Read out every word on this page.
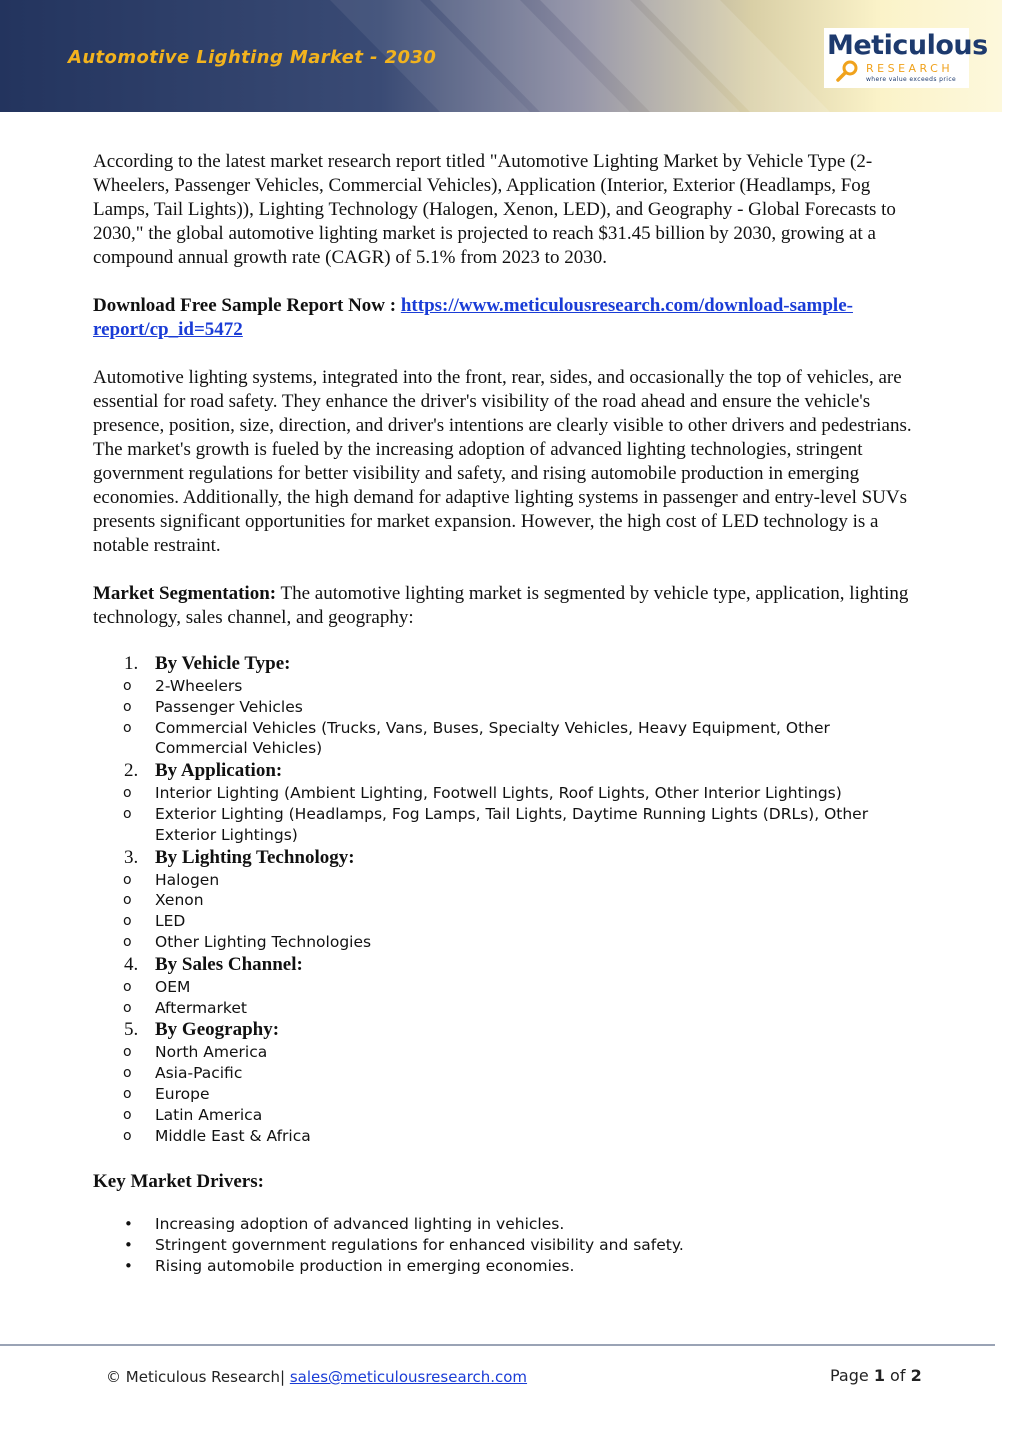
Automotive Lighting Market - 2030	Meticulous
RESEARCH
where value exceeds price

According to the latest market research report titled "Automotive Lighting Market by Vehicle Type (2-Wheelers, Passenger Vehicles, Commercial Vehicles), Application (Interior, Exterior (Headlamps, Fog Lamps, Tail Lights)), Lighting Technology (Halogen, Xenon, LED), and Geography - Global Forecasts to 2030," the global automotive lighting market is projected to reach $31.45 billion by 2030, growing at a compound annual growth rate (CAGR) of 5.1% from 2023 to 2030.

Download Free Sample Report Now : https://www.meticulousresearch.com/download-sample-report/cp_id=5472

Automotive lighting systems, integrated into the front, rear, sides, and occasionally the top of vehicles, are essential for road safety. They enhance the driver's visibility of the road ahead and ensure the vehicle's presence, position, size, direction, and driver's intentions are clearly visible to other drivers and pedestrians. The market's growth is fueled by the increasing adoption of advanced lighting technologies, stringent government regulations for better visibility and safety, and rising automobile production in emerging economies. Additionally, the high demand for adaptive lighting systems in passenger and entry-level SUVs presents significant opportunities for market expansion. However, the high cost of LED technology is a notable restraint.

Market Segmentation: The automotive lighting market is segmented by vehicle type, application, lighting technology, sales channel, and geography:

1. By Vehicle Type:
o 2-Wheelers
o Passenger Vehicles
o Commercial Vehicles (Trucks, Vans, Buses, Specialty Vehicles, Heavy Equipment, Other Commercial Vehicles)
2. By Application:
o Interior Lighting (Ambient Lighting, Footwell Lights, Roof Lights, Other Interior Lightings)
o Exterior Lighting (Headlamps, Fog Lamps, Tail Lights, Daytime Running Lights (DRLs), Other Exterior Lightings)
3. By Lighting Technology:
o Halogen
o Xenon
o LED
o Other Lighting Technologies
4. By Sales Channel:
o OEM
o Aftermarket
5. By Geography:
o North America
o Asia-Pacific
o Europe
o Latin America
o Middle East & Africa
Key Market Drivers:
• Increasing adoption of advanced lighting in vehicles.
• Stringent government regulations for enhanced visibility and safety.
• Rising automobile production in emerging economies.
© Meticulous Research| sales@meticulousresearch.com	Page 1 of 2
